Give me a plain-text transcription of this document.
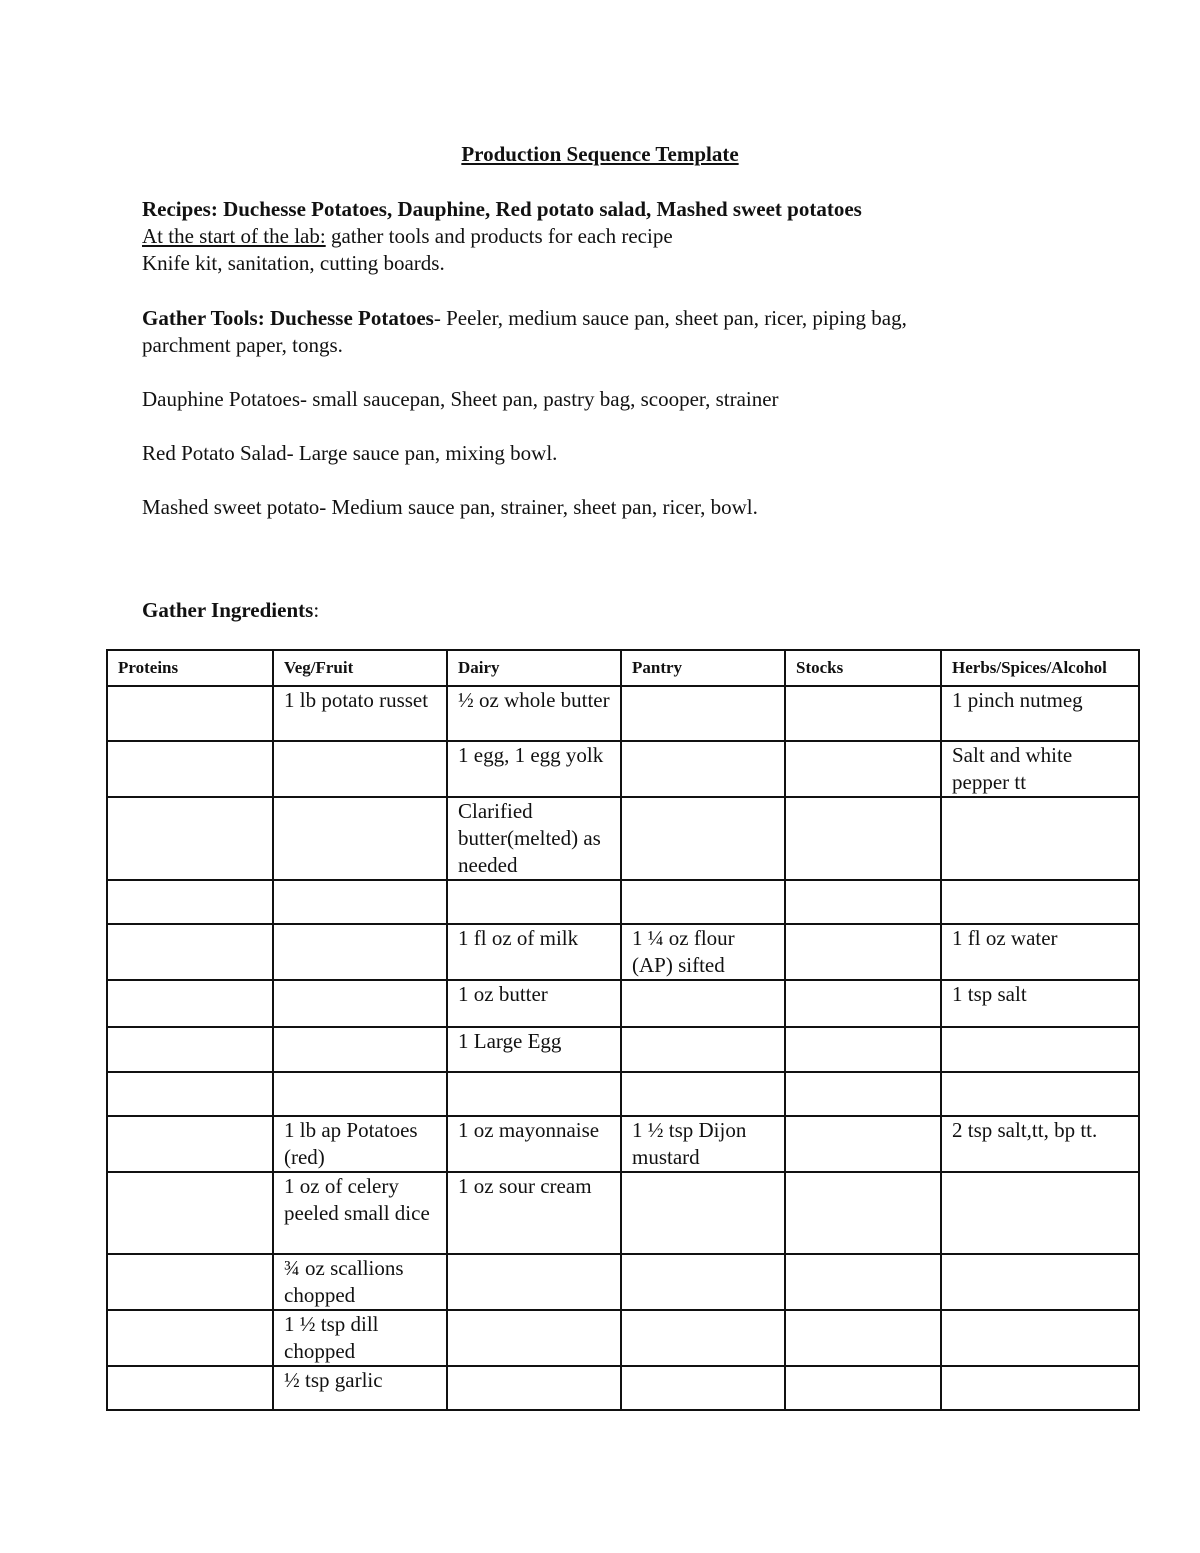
Production Sequence Template
Recipes: Duchesse Potatoes, Dauphine, Red potato salad, Mashed sweet potatoes
At the start of the lab: gather tools and products for each recipe
Knife kit, sanitation, cutting boards.
Gather Tools: Duchesse Potatoes- Peeler, medium sauce pan, sheet pan, ricer, piping bag,
parchment paper, tongs.
Dauphine Potatoes- small saucepan, Sheet pan, pastry bag, scooper, strainer
Red Potato Salad- Large sauce pan, mixing bowl.
Mashed sweet potato- Medium sauce pan, strainer, sheet pan, ricer, bowl.
Gather Ingredients:
Proteins	Veg/Fruit	Dairy	Pantry	Stocks	Herbs/Spices/Alcohol
	1 lb potato russet	½ oz whole butter			1 pinch nutmeg
		1 egg, 1 egg yolk			Salt and white pepper tt
		Clarified butter(melted) as needed			

		1 fl oz of milk	1 ¼ oz flour (AP) sifted		1 fl oz water
		1 oz butter			1 tsp salt
		1 Large Egg			

	1 lb ap Potatoes (red)	1 oz mayonnaise	1 ½ tsp Dijon mustard		2 tsp salt,tt, bp tt.
	1 oz of celery peeled small dice	1 oz sour cream			
	¾ oz scallions chopped				
	1 ½ tsp dill chopped				
	½ tsp garlic				
